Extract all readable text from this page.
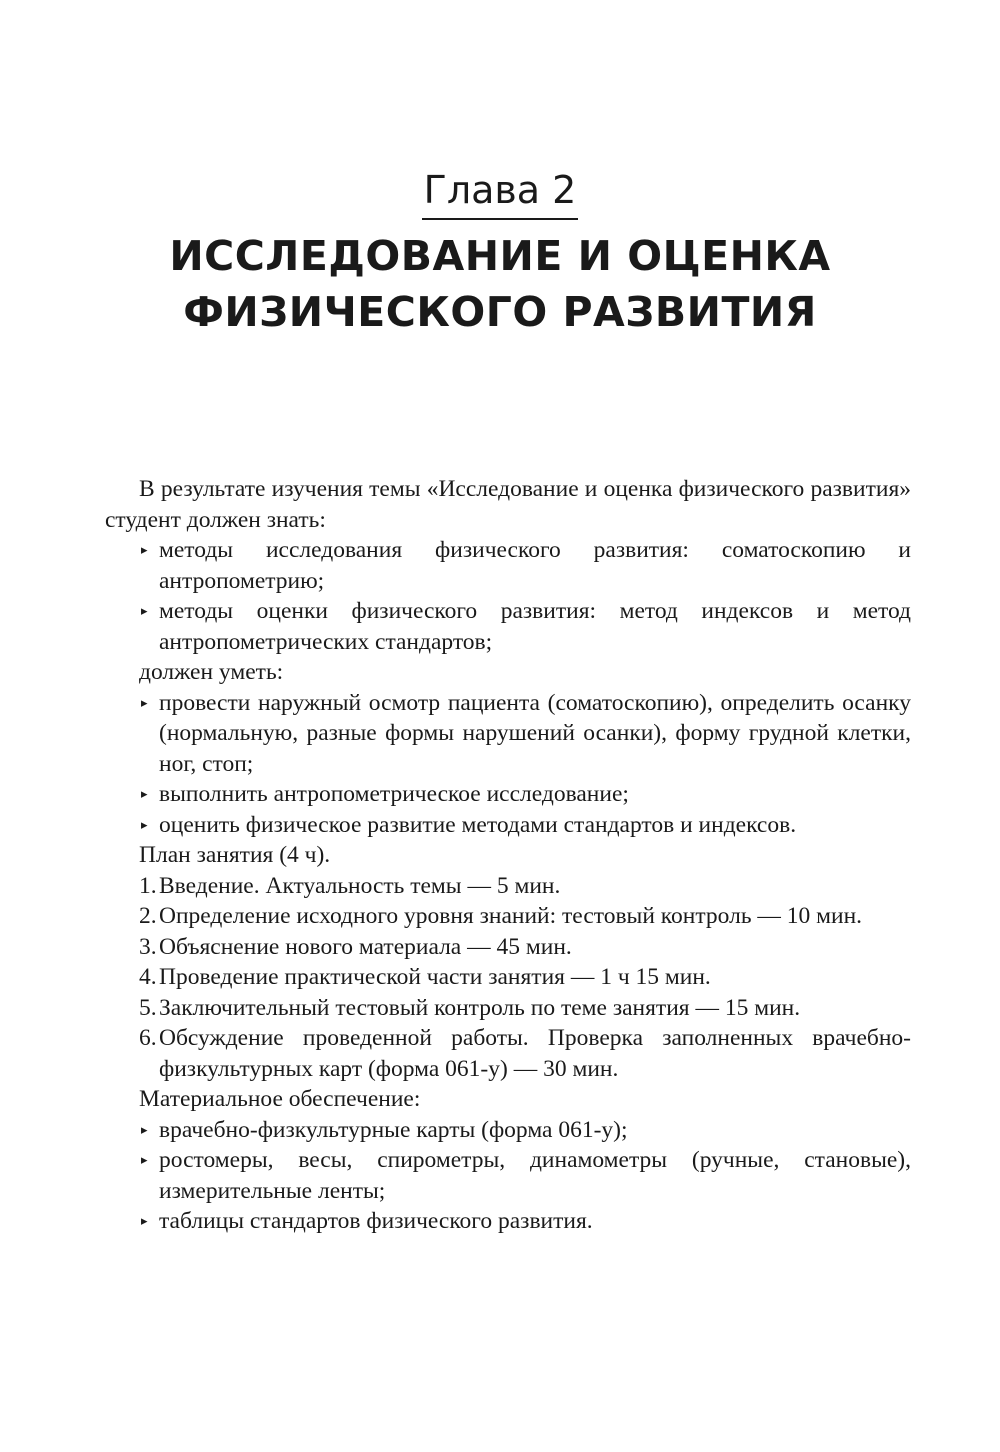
Глава 2
ИССЛЕДОВАНИЕ И ОЦЕНКА
ФИЗИЧЕСКОГО РАЗВИТИЯ

В результате изучения темы «Исследование и оценка физического развития» студент должен знать:

▸ методы исследования физического развития: соматоскопию и антропометрию;
▸ методы оценки физического развития: метод индексов и метод антропометрических стандартов;
должен уметь:
▸ провести наружный осмотр пациента (соматоскопию), определить осанку (нормальную, разные формы нарушений осанки), форму грудной клетки, ног, стоп;
▸ выполнить антропометрическое исследование;
▸ оценить физическое развитие методами стандартов и индексов.
План занятия (4 ч).
1. Введение. Актуальность темы — 5 мин.
2. Определение исходного уровня знаний: тестовый контроль — 10 мин.
3. Объяснение нового материала — 45 мин.
4. Проведение практической части занятия — 1 ч 15 мин.
5. Заключительный тестовый контроль по теме занятия — 15 мин.
6. Обсуждение проведенной работы. Проверка заполненных врачебно-физкультурных карт (форма 061-у) — 30 мин.
Материальное обеспечение:
▸ врачебно-физкультурные карты (форма 061-у);
▸ ростомеры, весы, спирометры, динамометры (ручные, становые), измерительные ленты;
▸ таблицы стандартов физического развития.
